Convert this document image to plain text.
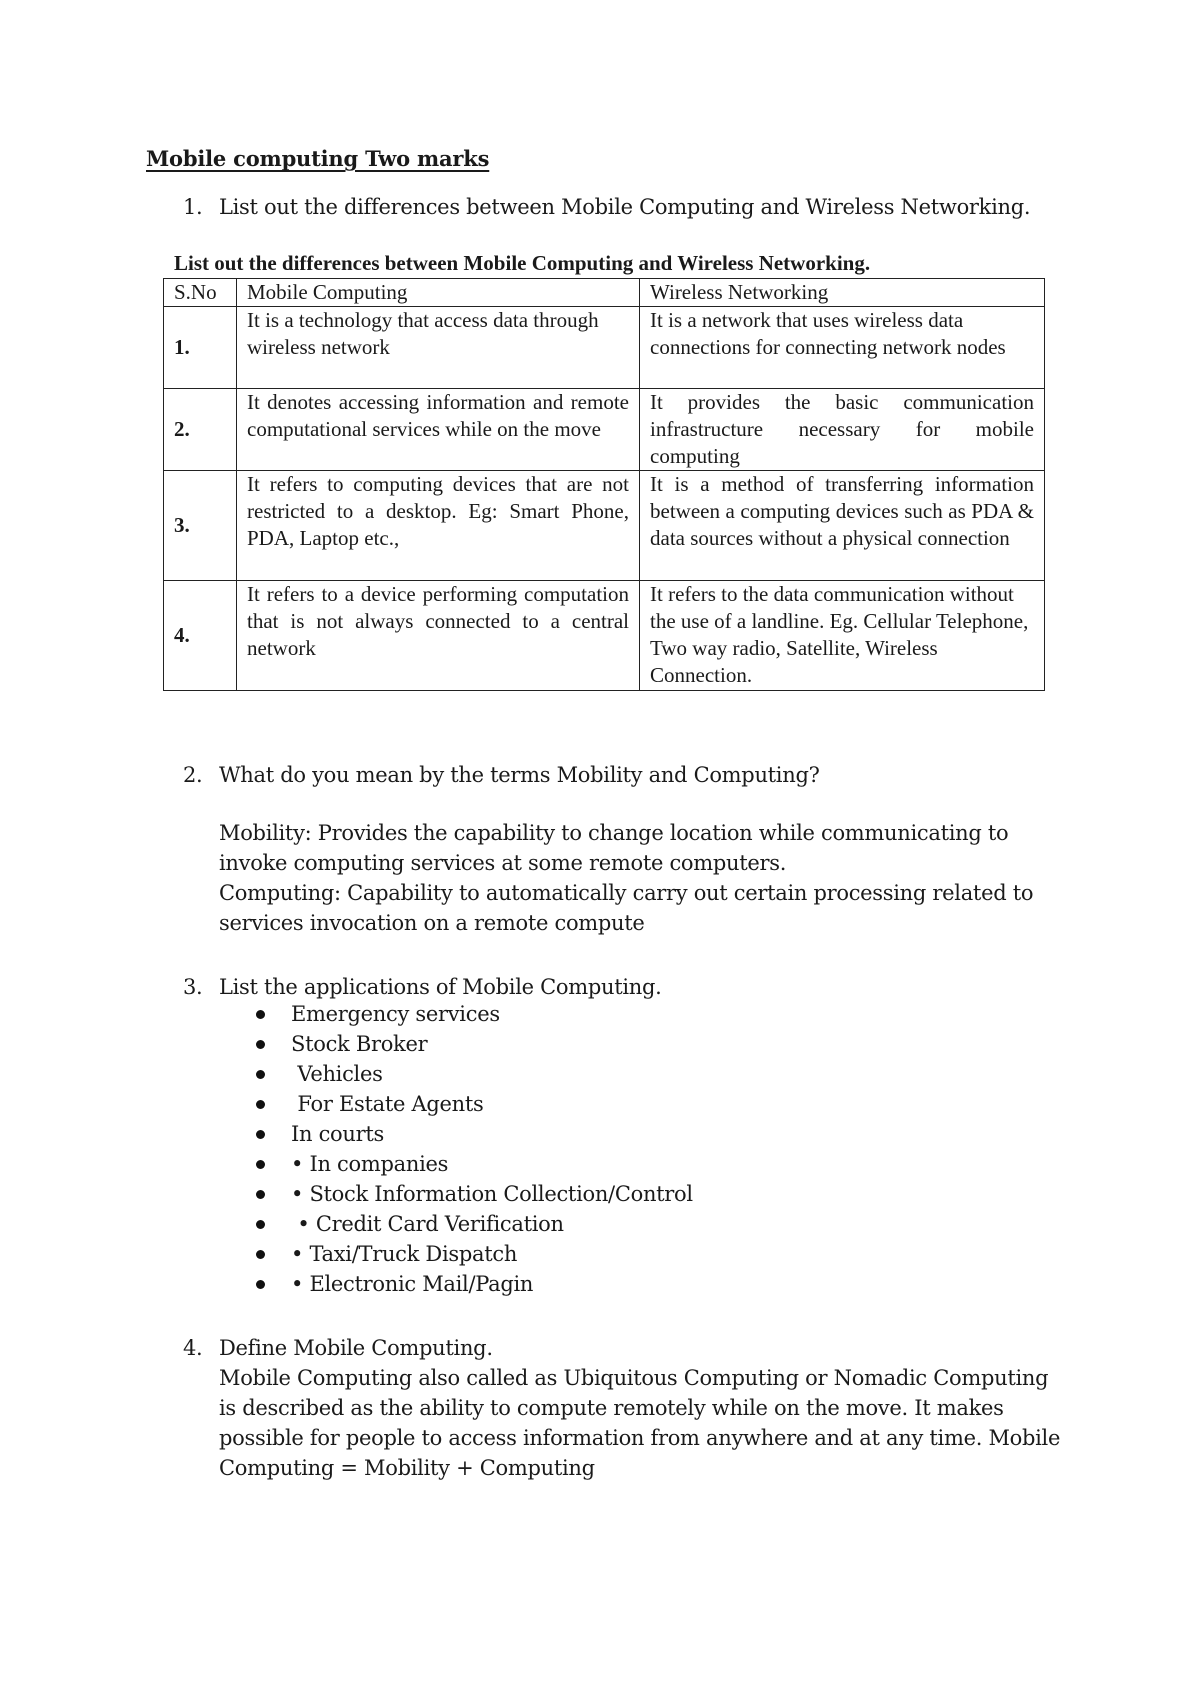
Mobile computing Two marks
1. List out the differences between Mobile Computing and Wireless Networking.
List out the differences between Mobile Computing and Wireless Networking.
S.No	Mobile Computing	Wireless Networking
1.	It is a technology that access data through wireless network	It is a network that uses wireless data connections for connecting network nodes
2.	It denotes accessing information and remote computational services while on the move	It provides the basic communication infrastructure necessary for mobile computing
3.	It refers to computing devices that are not restricted to a desktop. Eg: Smart Phone, PDA, Laptop etc.,	It is a method of transferring information between a computing devices such as PDA & data sources without a physical connection
4.	It refers to a device performing computation that is not always connected to a central network	It refers to the data communication without the use of a landline. Eg. Cellular Telephone, Two way radio, Satellite, Wireless Connection.
2. What do you mean by the terms Mobility and Computing?
Mobility: Provides the capability to change location while communicating to invoke computing services at some remote computers.
Computing: Capability to automatically carry out certain processing related to services invocation on a remote compute
3. List the applications of Mobile Computing.
Emergency services
Stock Broker
Vehicles
For Estate Agents
In courts
• In companies
• Stock Information Collection/Control
• Credit Card Verification
• Taxi/Truck Dispatch
• Electronic Mail/Pagin
4. Define Mobile Computing.
Mobile Computing also called as Ubiquitous Computing or Nomadic Computing is described as the ability to compute remotely while on the move. It makes possible for people to access information from anywhere and at any time. Mobile Computing = Mobility + Computing
